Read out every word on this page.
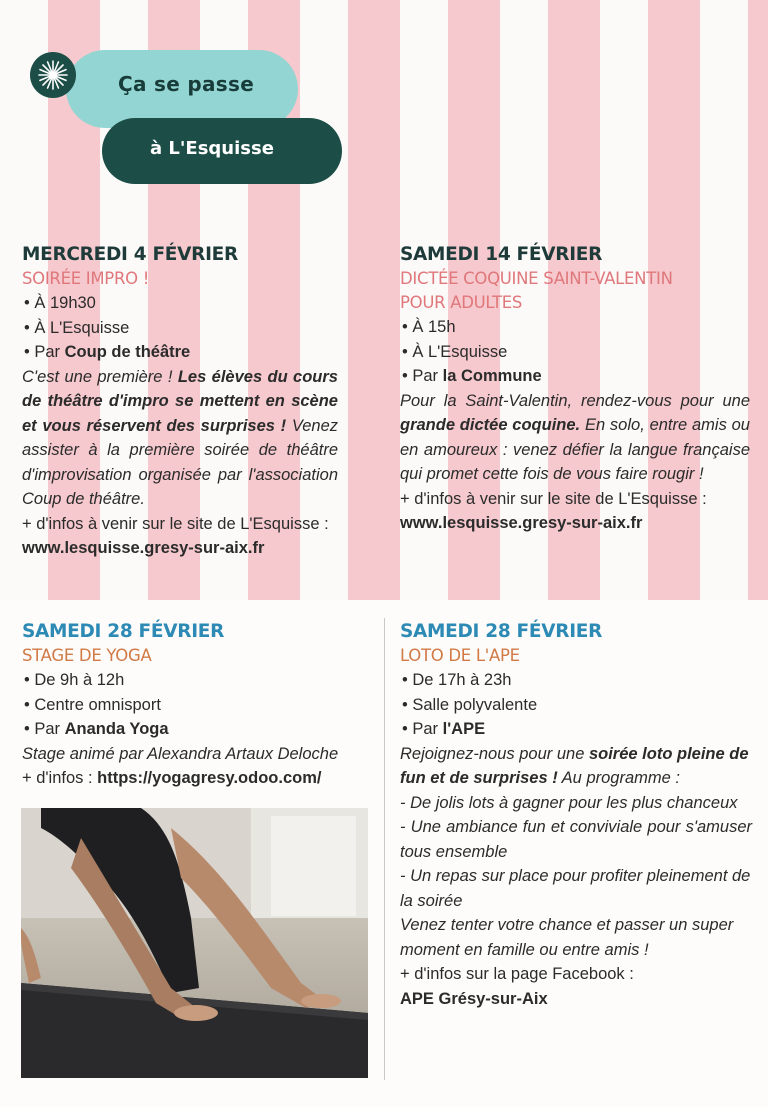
Ça se passe
à L'Esquisse

MERCREDI 4 FÉVRIER

SOIRÉE IMPRO !

• À 19h30
• À L'Esquisse
• Par Coup de théâtre

C'est une première ! Les élèves du cours de théâtre d'impro se mettent en scène et vous réservent des surprises ! Venez assister à la première soirée de théâtre d'improvisation organisée par l'association Coup de théâtre.

+ d'infos à venir sur le site de L'Esquisse :

www.lesquisse.gresy-sur-aix.fr

SAMEDI 14 FÉVRIER

DICTÉE COQUINE SAINT-VALENTIN

POUR ADULTES

• À 15h
• À L'Esquisse
• Par la Commune

Pour la Saint-Valentin, rendez-vous pour une grande dictée coquine. En solo, entre amis ou en amoureux : venez défier la langue française qui promet cette fois de vous faire rougir !

+ d'infos à venir sur le site de L'Esquisse :

www.lesquisse.gresy-sur-aix.fr

SAMEDI 28 FÉVRIER

STAGE DE YOGA

• De 9h à 12h
• Centre omnisport
• Par Ananda Yoga

Stage animé par Alexandra Artaux Deloche

+ d'infos : https://yogagresy.odoo.com/

SAMEDI 28 FÉVRIER

LOTO DE L'APE

• De 17h à 23h
• Salle polyvalente
• Par l'APE

Rejoignez-nous pour une soirée loto pleine de fun et de surprises ! Au programme :

- De jolis lots à gagner pour les plus chanceux

- Une ambiance fun et conviviale pour s'amuser tous ensemble

- Un repas sur place pour profiter pleinement de la soirée

Venez tenter votre chance et passer un super moment en famille ou entre amis !

+ d'infos sur la page Facebook :

APE Grésy-sur-Aix
